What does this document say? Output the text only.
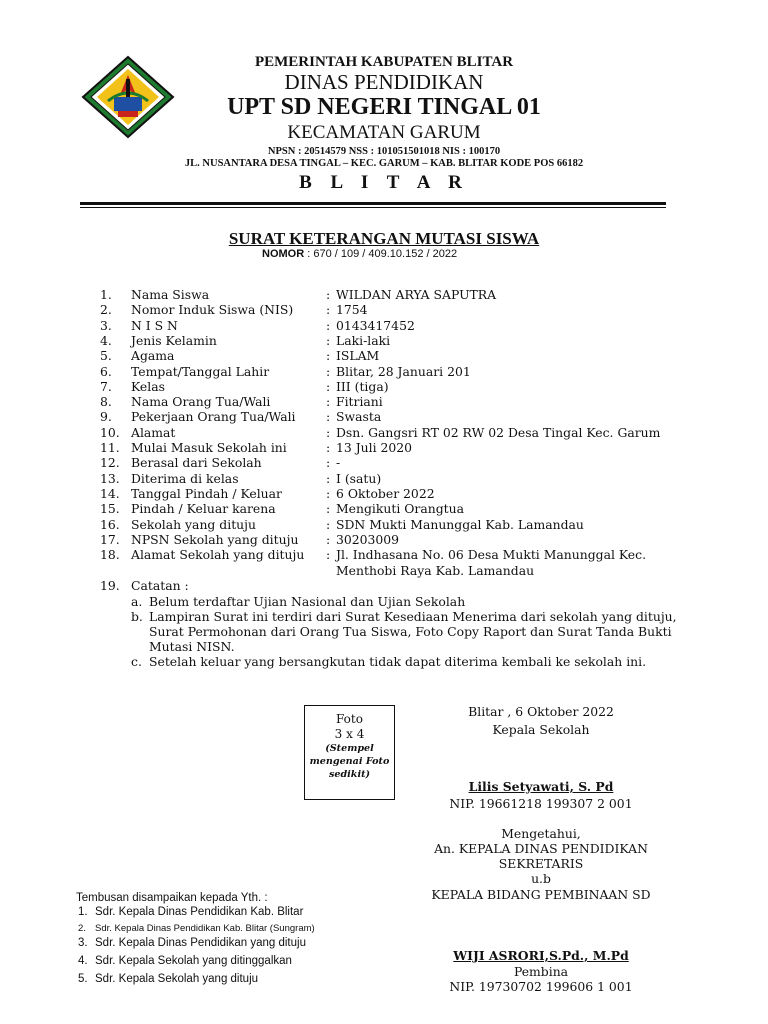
PEMERINTAH KABUPATEN BLITAR
DINAS PENDIDIKAN
UPT SD NEGERI TINGAL 01
KECAMATAN GARUM
NPSN : 20514579 NSS : 101051501018 NIS : 100170
JL. NUSANTARA DESA TINGAL – KEC. GARUM – KAB. BLITAR KODE POS 66182
B L I T A R
SURAT KETERANGAN MUTASI SISWA
NOMOR : 670 / 109 / 409.10.152 / 2022
1. Nama Siswa	: WILDAN ARYA SAPUTRA
2. Nomor Induk Siswa (NIS)	: 1754
3. N I S N	: 0143417452
4. Jenis Kelamin	: Laki-laki
5. Agama	: ISLAM
6. Tempat/Tanggal Lahir	: Blitar, 28 Januari 201
7. Kelas	: III (tiga)
8. Nama Orang Tua/Wali	: Fitriani
9. Pekerjaan Orang Tua/Wali : Swasta
10. Alamat	: Dsn. Gangsri RT 02 RW 02 Desa Tingal Kec. Garum
11. Mulai Masuk Sekolah ini	: 13 Juli 2020
12. Berasal dari Sekolah	: -
13. Diterima di kelas	: I (satu)
14. Tanggal Pindah / Keluar	: 6 Oktober 2022
15. Pindah / Keluar karena	: Mengikuti Orangtua
16. Sekolah yang dituju	: SDN Mukti Manunggal Kab. Lamandau
17. NPSN Sekolah yang dituju : 30203009
18. Alamat Sekolah yang dituju : Jl. Indhasana No. 06 Desa Mukti Manunggal Kec.
Menthobi Raya Kab. Lamandau
19. Catatan :
a. Belum terdaftar Ujian Nasional dan Ujian Sekolah
b. Lampiran Surat ini terdiri dari Surat Kesediaan Menerima dari sekolah yang dituju,
Surat Permohonan dari Orang Tua Siswa, Foto Copy Raport dan Surat Tanda Bukti
Mutasi NISN.
c. Setelah keluar yang bersangkutan tidak dapat diterima kembali ke sekolah ini.
Foto
3 x 4
(Stempel mengenai Foto sedikit)
Blitar , 6 Oktober 2022
Kepala Sekolah
Lilis Setyawati, S. Pd
NIP. 19661218 199307 2 001
Mengetahui,
An. KEPALA DINAS PENDIDIKAN
SEKRETARIS
u.b
KEPALA BIDANG PEMBINAAN SD
WIJI ASRORI,S.Pd., M.Pd
Pembina
NIP. 19730702 199606 1 001
Tembusan disampaikan kepada Yth. :
1. Sdr. Kepala Dinas Pendidikan Kab. Blitar
2. Sdr. Kepala Dinas Pendidikan Kab. Blitar (Sungram)
3. Sdr. Kepala Dinas Pendidikan yang dituju
4. Sdr. Kepala Sekolah yang ditinggalkan
5. Sdr. Kepala Sekolah yang dituju
